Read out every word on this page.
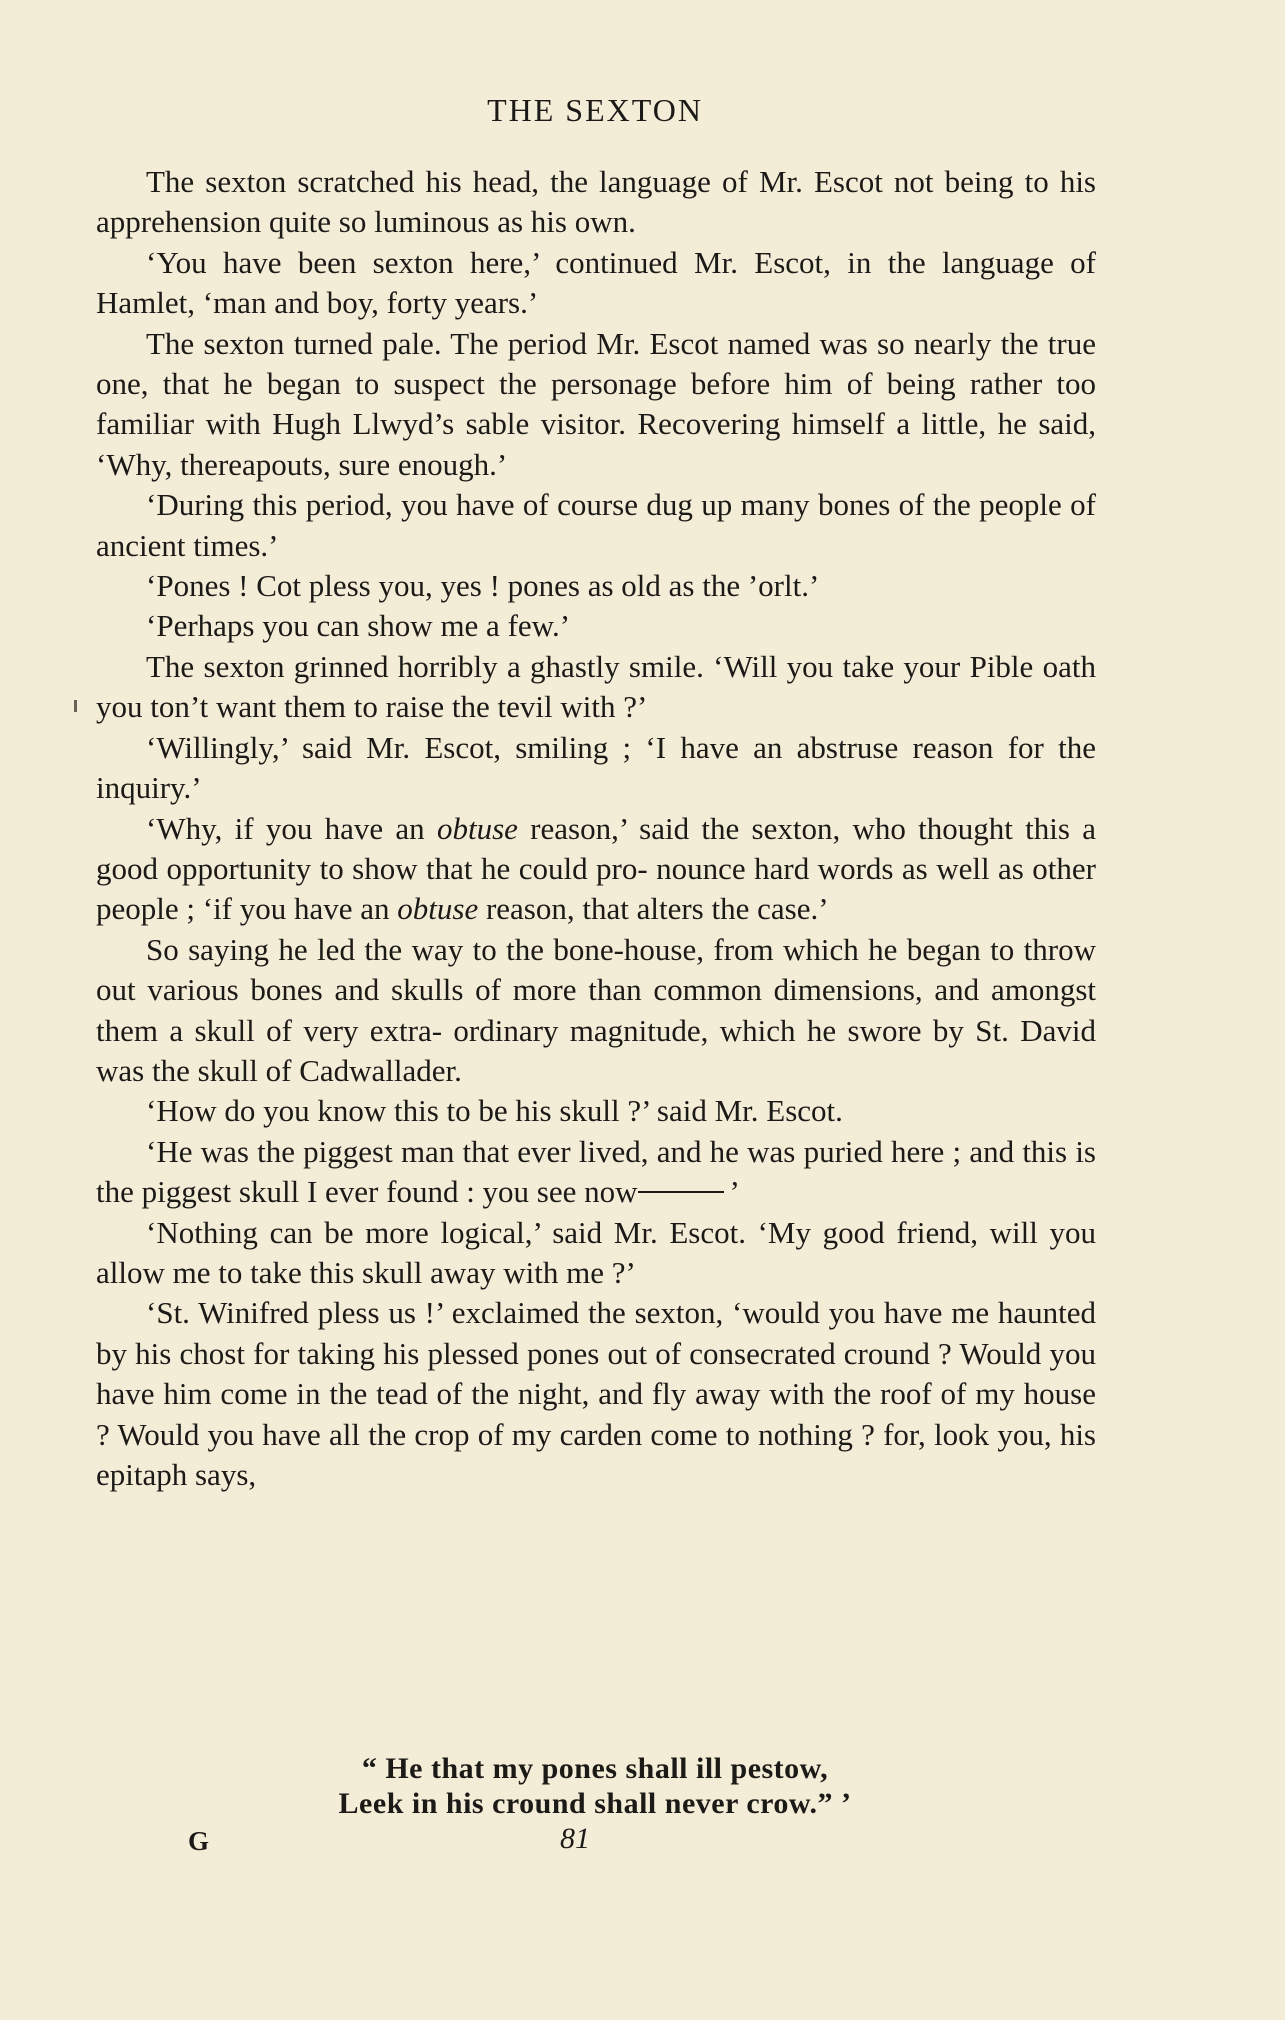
THE SEXTON

The sexton scratched his head, the language of Mr. Escot not being to his apprehension quite so luminous as his own.

‘You have been sexton here,’ continued Mr. Escot, in the language of Hamlet, ‘man and boy, forty years.’

The sexton turned pale. The period Mr. Escot named was so nearly the true one, that he began to suspect the personage before him of being rather too familiar with Hugh Llwyd’s sable visitor. Recovering himself a little, he said, ‘Why, thereapouts, sure enough.’

‘During this period, you have of course dug up many bones of the people of ancient times.’

‘Pones ! Cot pless you, yes ! pones as old as the ’orlt.’

‘Perhaps you can show me a few.’

The sexton grinned horribly a ghastly smile. ‘Will you take your Pible oath you ton’t want them to raise the tevil with ?’

‘Willingly,’ said Mr. Escot, smiling ; ‘I have an abstruse reason for the inquiry.’

‘Why, if you have an obtuse reason,’ said the sexton, who thought this a good opportunity to show that he could pro- nounce hard words as well as other people ; ‘if you have an obtuse reason, that alters the case.’

So saying he led the way to the bone-house, from which he began to throw out various bones and skulls of more than common dimensions, and amongst them a skull of very extra- ordinary magnitude, which he swore by St. David was the skull of Cadwallader.

‘How do you know this to be his skull ?’ said Mr. Escot.

‘He was the piggest man that ever lived, and he was puried here ; and this is the piggest skull I ever found : you see now	’

‘Nothing can be more logical,’ said Mr. Escot. ‘My good friend, will you allow me to take this skull away with me ?’

‘St. Winifred pless us !’ exclaimed the sexton, ‘would you have me haunted by his chost for taking his plessed pones out of consecrated cround ? Would you have him come in the tead of the night, and fly away with the roof of my house ? Would you have all the crop of my carden come to nothing ? for, look you, his epitaph says,

“ He that my pones shall ill pestow,
Leek in his cround shall never crow.” ’
G	81
